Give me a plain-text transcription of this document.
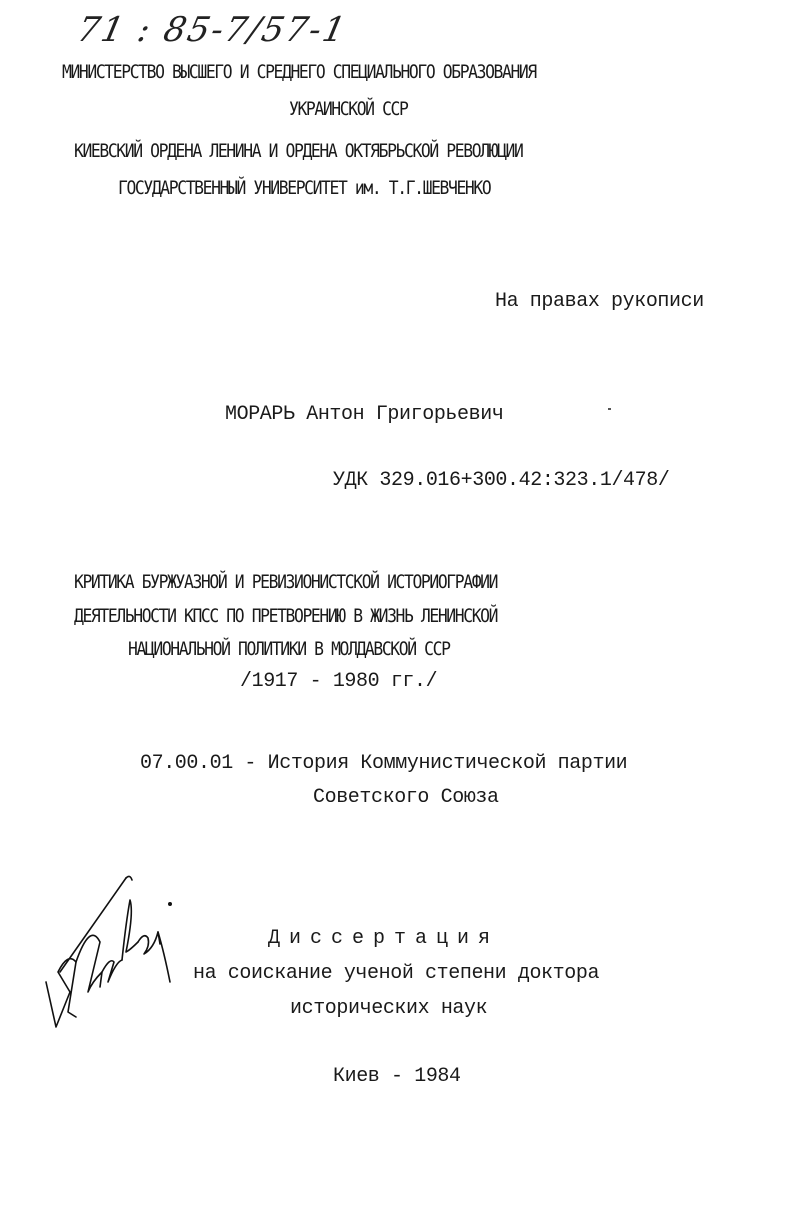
71 : 85-7/57-1
МИНИСТЕРСТВО ВЫСШЕГО И СРЕДНЕГО СПЕЦИАЛЬНОГО ОБРАЗОВАНИЯ
УКРАИНСКОЙ ССР
КИЕВСКИЙ ОРДЕНА ЛЕНИНА И ОРДЕНА ОКТЯБРЬСКОЙ РЕВОЛЮЦИИ
ГОСУДАРСТВЕННЫЙ УНИВЕРСИТЕТ им. Т.Г.ШЕВЧЕНКО
На правах рукописи
МОРАРЬ Антон Григорьевич
УДК 329.016+300.42:323.1/478/
КРИТИКА БУРЖУАЗНОЙ И РЕВИЗИОНИСТСКОЙ ИСТОРИОГРАФИИ
ДЕЯТЕЛЬНОСТИ КПСС ПО ПРЕТВОРЕНИЮ В ЖИЗНЬ ЛЕНИНСКОЙ
НАЦИОНАЛЬНОЙ ПОЛИТИКИ В МОЛДАВСКОЙ ССР
/1917 - 1980 гг./
07.00.01 - История Коммунистической партии
Советского Союза
Диссертация
на соискание ученой степени доктора
исторических наук
Киев - 1984
